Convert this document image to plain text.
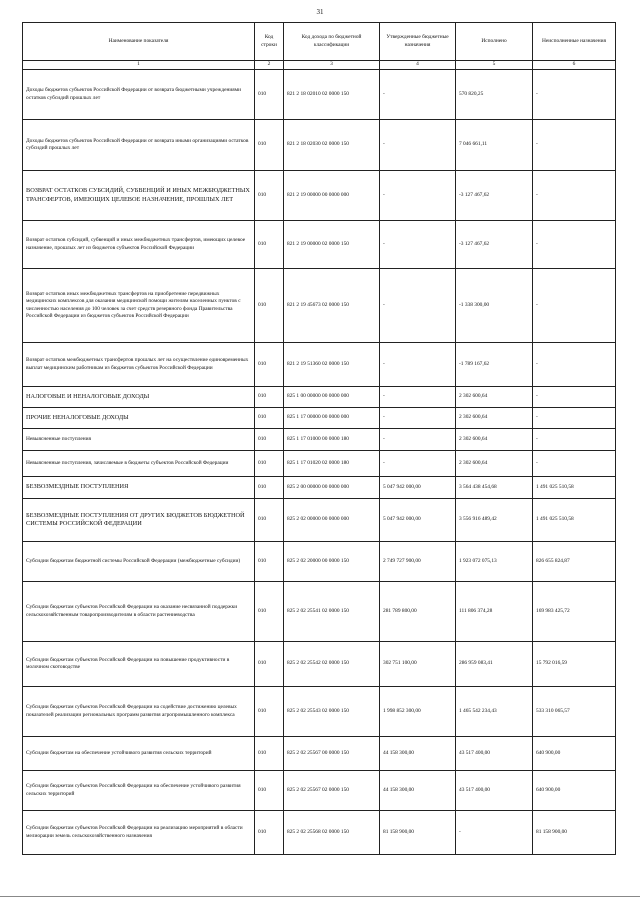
31
Наименование показателя	Код строки	Код дохода по бюджетной классификации	Утвержденные бюджетные назначения	Исполнено	Неисполненные назначения
1	2	3	4	5	6
Доходы бюджетов субъектов Российской Федерации от возврата бюджетными учреждениями остатков субсидий прошлых лет	010	821 2 18 02010 02 0000 150	-	570 820,25	-
Доходы бюджетов субъектов Российской Федерации от возврата иными организациями остатков субсидий прошлых лет	010	821 2 18 02030 02 0000 150	-	7 046 661,11	-
ВОЗВРАТ ОСТАТКОВ СУБСИДИЙ, СУБВЕНЦИЙ И ИНЫХ МЕЖБЮДЖЕТНЫХ ТРАНСФЕРТОВ, ИМЕЮЩИХ ЦЕЛЕВОЕ НАЗНАЧЕНИЕ, ПРОШЛЫХ ЛЕТ	010	821 2 19 00000 00 0000 000	-	-3 127 467,62	-
Возврат остатков субсидий, субвенций и иных межбюджетных трансфертов, имеющих целевое назначение, прошлых лет из бюджетов субъектов Российской Федерации	010	821 2 19 00000 02 0000 150	-	-3 127 467,62	-
Возврат остатков иных межбюджетных трансфертов на приобретение передвижных медицинских комплексов для оказания медицинской помощи жителям населенных пунктов с численностью населения до 100 человек за счет средств резервного фонда Правительства Российской Федерации из бюджетов субъектов Российской Федерации	010	821 2 19 45673 02 0000 150	-	-1 338 300,00	-
Возврат остатков межбюджетных трансфертов прошлых лет на осуществление единовременных выплат медицинским работникам из бюджетов субъектов Российской Федерации	010	821 2 19 51360 02 0000 150	-	-1 789 167,62	-
НАЛОГОВЫЕ И НЕНАЛОГОВЫЕ ДОХОДЫ	010	825 1 00 00000 00 0000 000	-	2 302 600,64	-
ПРОЧИЕ НЕНАЛОГОВЫЕ ДОХОДЫ	010	825 1 17 00000 00 0000 000	-	2 302 600,64	-
Невыясненные поступления	010	825 1 17 01000 00 0000 180	-	2 302 600,64	-
Невыясненные поступления, зачисляемые в бюджеты субъектов Российской Федерации	010	825 1 17 01020 02 0000 180	-	2 302 600,64	-
БЕЗВОЗМЕЗДНЫЕ ПОСТУПЛЕНИЯ	010	825 2 00 00000 00 0000 000	5 047 942 000,00	3 564 438 454,68	1 491 025 510,58
БЕЗВОЗМЕЗДНЫЕ ПОСТУПЛЕНИЯ ОТ ДРУГИХ БЮДЖЕТОВ БЮДЖЕТНОЙ СИСТЕМЫ РОССИЙСКОЙ ФЕДЕРАЦИИ	010	825 2 02 00000 00 0000 000	5 047 942 000,00	3 556 916 489,42	1 491 025 510,58
Субсидии бюджетам бюджетной системы Российской Федерации (межбюджетные субсидии)	010	825 2 02 20000 00 0000 150	2 749 727 900,00	1 923 072 075,13	826 655 824,87
Субсидии бюджетам субъектов Российской Федерации на оказание несвязанной поддержки сельскохозяйственным товаропроизводителям в области растениеводства	010	825 2 02 25541 02 0000 150	281 789 800,00	111 806 374,28	169 983 425,72
Субсидии бюджетам субъектов Российской Федерации на повышение продуктивности в молочном скотоводстве	010	825 2 02 25542 02 0000 150	302 751 100,00	286 959 083,41	15 792 016,59
Субсидии бюджетам субъектов Российской Федерации на содействие достижению целевых показателей реализации региональных программ развития агропромышленного комплекса	010	825 2 02 25543 02 0000 150	1 998 852 300,00	1 465 542 234,43	533 310 065,57
Субсидии бюджетам на обеспечение устойчивого развития сельских территорий	010	825 2 02 25567 00 0000 150	44 158 300,00	43 517 400,00	640 900,00
Субсидии бюджетам субъектов Российской Федерации на обеспечение устойчивого развития сельских территорий	010	825 2 02 25567 02 0000 150	44 158 300,00	43 517 400,00	640 900,00
Субсидии бюджетам субъектов Российской Федерации на реализацию мероприятий в области мелиорации земель сельскохозяйственного назначения	010	825 2 02 25568 02 0000 150	81 158 900,00	-	81 158 900,00
